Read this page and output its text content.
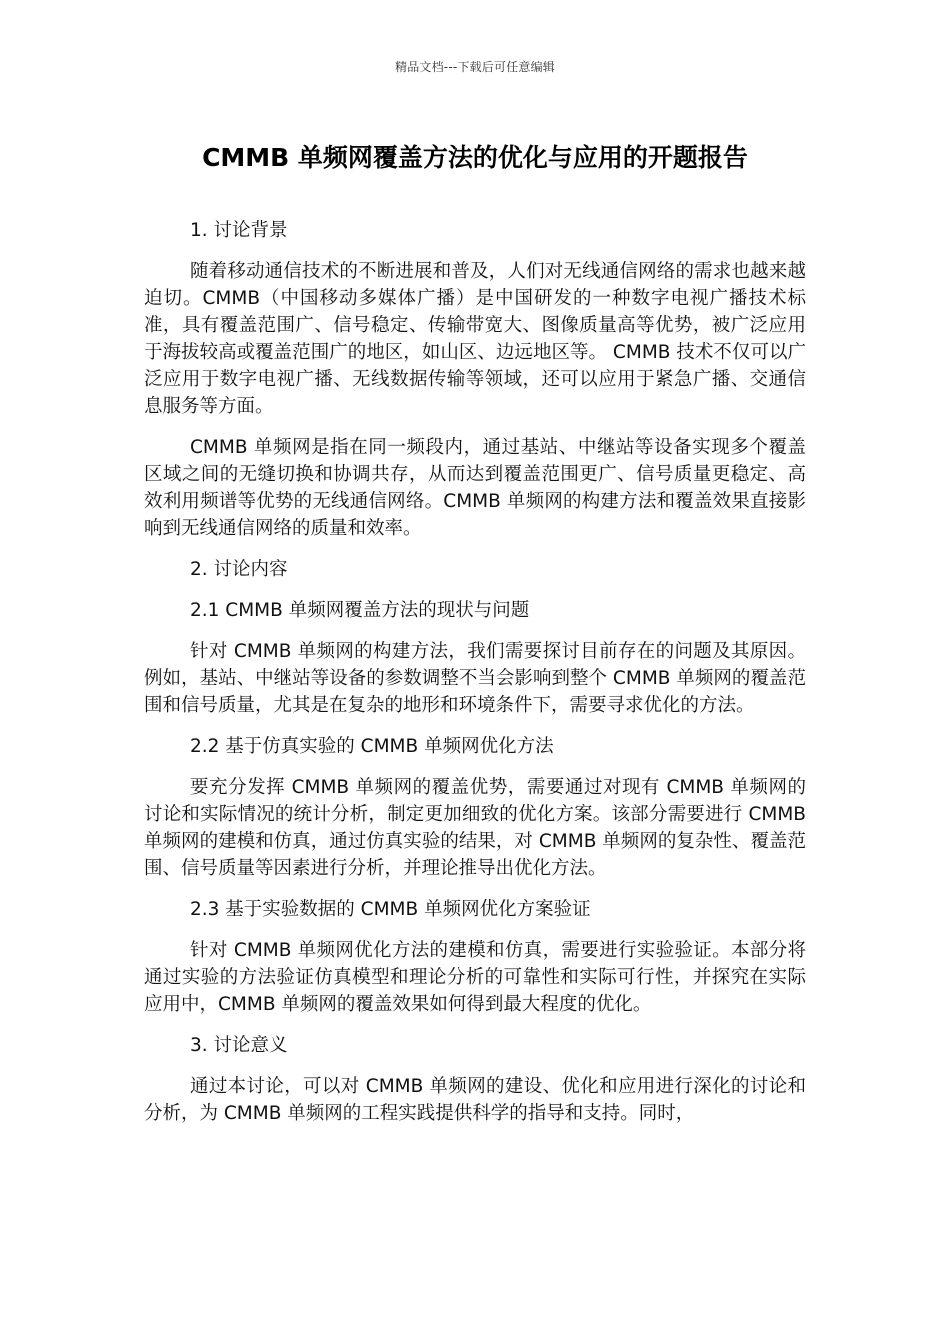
精品文档---下载后可任意编辑
CMMB 单频网覆盖方法的优化与应用的开题报告

1. 讨论背景

随着移动通信技术的不断进展和普及，人们对无线通信网络的需求也越来越迫切。CMMB（中国移动多媒体广播）是中国研发的一种数字电视广播技术标准，具有覆盖范围广、信号稳定、传输带宽大、图像质量高等优势，被广泛应用于海拔较高或覆盖范围广的地区，如山区、边远地区等。 CMMB 技术不仅可以广泛应用于数字电视广播、无线数据传输等领域，还可以应用于紧急广播、交通信息服务等方面。

CMMB 单频网是指在同一频段内，通过基站、中继站等设备实现多个覆盖区域之间的无缝切换和协调共存，从而达到覆盖范围更广、信号质量更稳定、高效利用频谱等优势的无线通信网络。CMMB 单频网的构建方法和覆盖效果直接影响到无线通信网络的质量和效率。

2. 讨论内容

2.1 CMMB 单频网覆盖方法的现状与问题

针对 CMMB 单频网的构建方法，我们需要探讨目前存在的问题及其原因。例如，基站、中继站等设备的参数调整不当会影响到整个 CMMB 单频网的覆盖范围和信号质量，尤其是在复杂的地形和环境条件下，需要寻求优化的方法。

2.2 基于仿真实验的 CMMB 单频网优化方法

要充分发挥 CMMB 单频网的覆盖优势，需要通过对现有 CMMB 单频网的讨论和实际情况的统计分析，制定更加细致的优化方案。该部分需要进行 CMMB 单频网的建模和仿真，通过仿真实验的结果，对 CMMB 单频网的复杂性、覆盖范围、信号质量等因素进行分析，并理论推导出优化方法。

2.3 基于实验数据的 CMMB 单频网优化方案验证

针对 CMMB 单频网优化方法的建模和仿真，需要进行实验验证。本部分将通过实验的方法验证仿真模型和理论分析的可靠性和实际可行性，并探究在实际应用中，CMMB 单频网的覆盖效果如何得到最大程度的优化。

3. 讨论意义

通过本讨论，可以对 CMMB 单频网的建设、优化和应用进行深化的讨论和分析，为 CMMB 单频网的工程实践提供科学的指导和支持。同时，
